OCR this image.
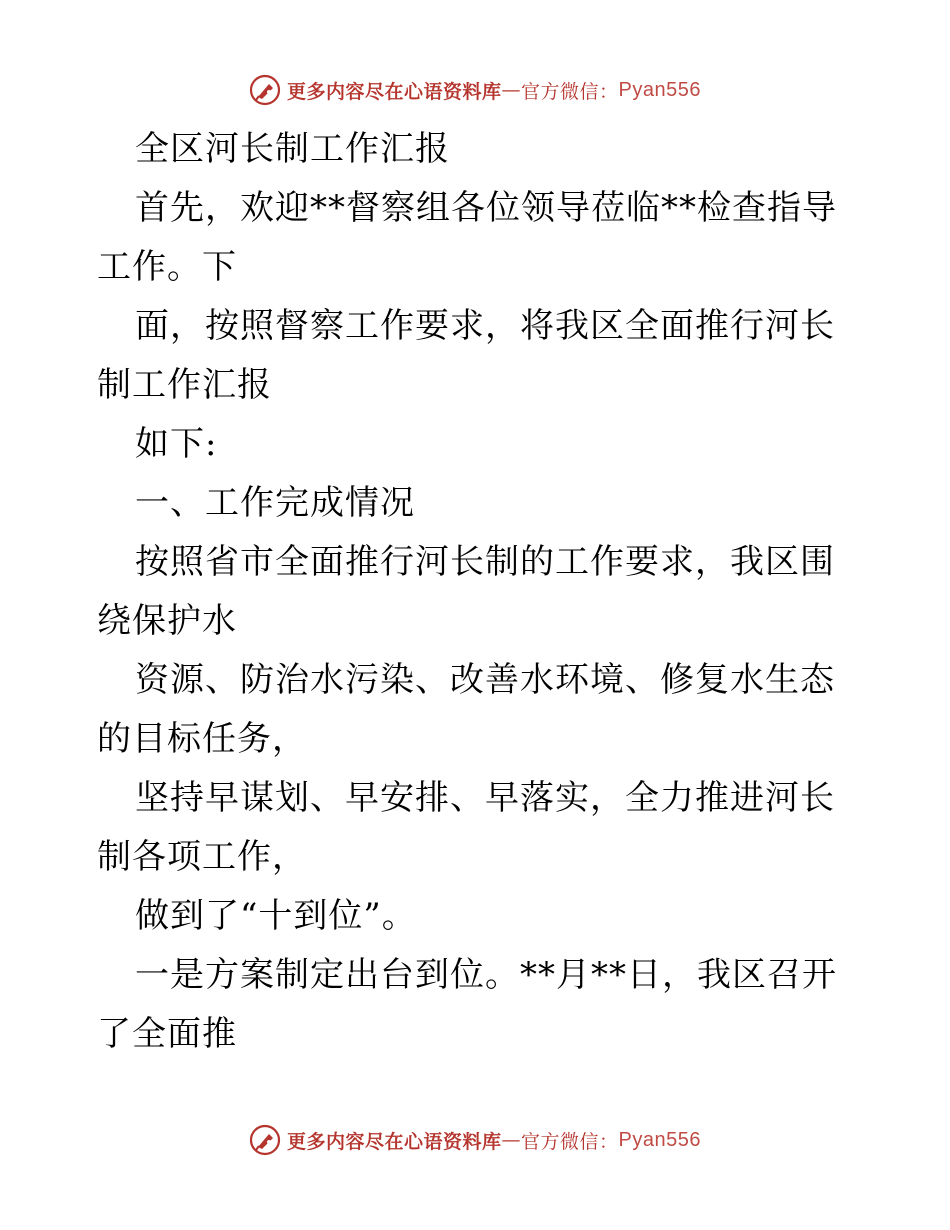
更多内容尽在心语资料库 — 官方微信： Pyan556

全区河长制工作汇报

首先，欢迎**督察组各位领导莅临**检查指导工作。下

面，按照督察工作要求，将我区全面推行河长制工作汇报

如下:

一、工作完成情况

按照省市全面推行河长制的工作要求，我区围绕保护水

资源、防治水污染、改善水环境、修复水生态的目标任务，

坚持早谋划、早安排、早落实，全力推进河长制各项工作，

做到了“十到位”。

一是方案制定出台到位。**月**日，我区召开了全面推

更多内容尽在心语资料库 — 官方微信： Pyan556
